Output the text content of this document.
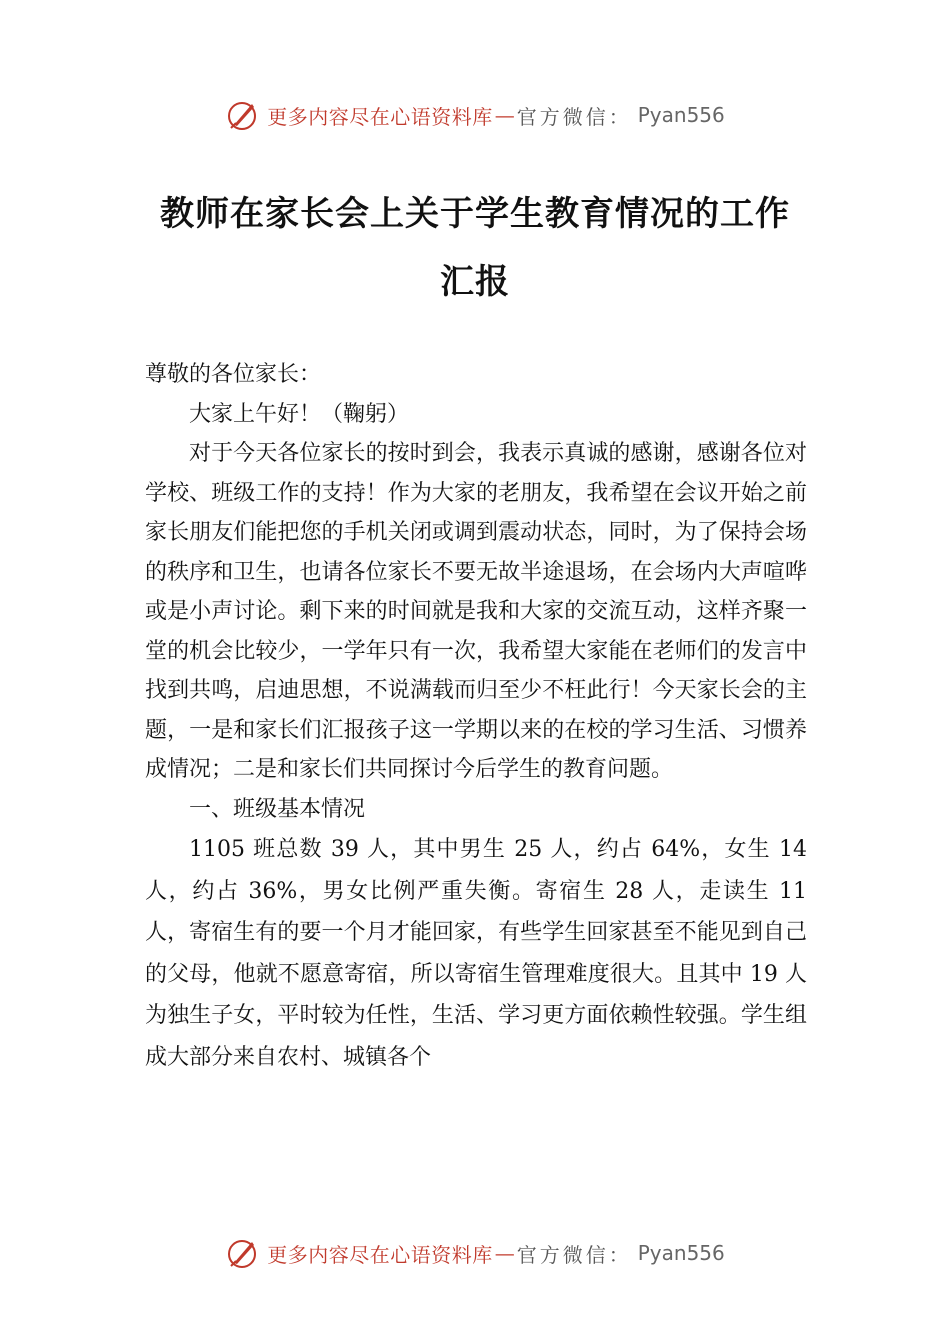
更多内容尽在心语资料库 — 官方微信： Pyan556
教师在家长会上关于学生教育情况的工作汇报

尊敬的各位家长：

大家上午好！（鞠躬）

对于今天各位家长的按时到会，我表示真诚的感谢，感谢各位对学校、班级工作的支持！作为大家的老朋友，我希望在会议开始之前家长朋友们能把您的手机关闭或调到震动状态，同时，为了保持会场的秩序和卫生，也请各位家长不要无故半途退场，在会场内大声喧哗或是小声讨论。剩下来的时间就是我和大家的交流互动，这样齐聚一堂的机会比较少，一学年只有一次，我希望大家能在老师们的发言中找到共鸣，启迪思想，不说满载而归至少不枉此行！今天家长会的主题，一是和家长们汇报孩子这一学期以来的在校的学习生活、习惯养成情况；二是和家长们共同探讨今后学生的教育问题。

一、班级基本情况

1105 班总数 39 人，其中男生 25 人，约占 64%，女生 14 人，约占 36%，男女比例严重失衡。寄宿生 28 人，走读生 11 人，寄宿生有的要一个月才能回家，有些学生回家甚至不能见到自己的父母，他就不愿意寄宿，所以寄宿生管理难度很大。且其中 19 人为独生子女，平时较为任性，生活、学习更方面依赖性较强。学生组成大部分来自农村、城镇各个

更多内容尽在心语资料库 — 官方微信： Pyan556
